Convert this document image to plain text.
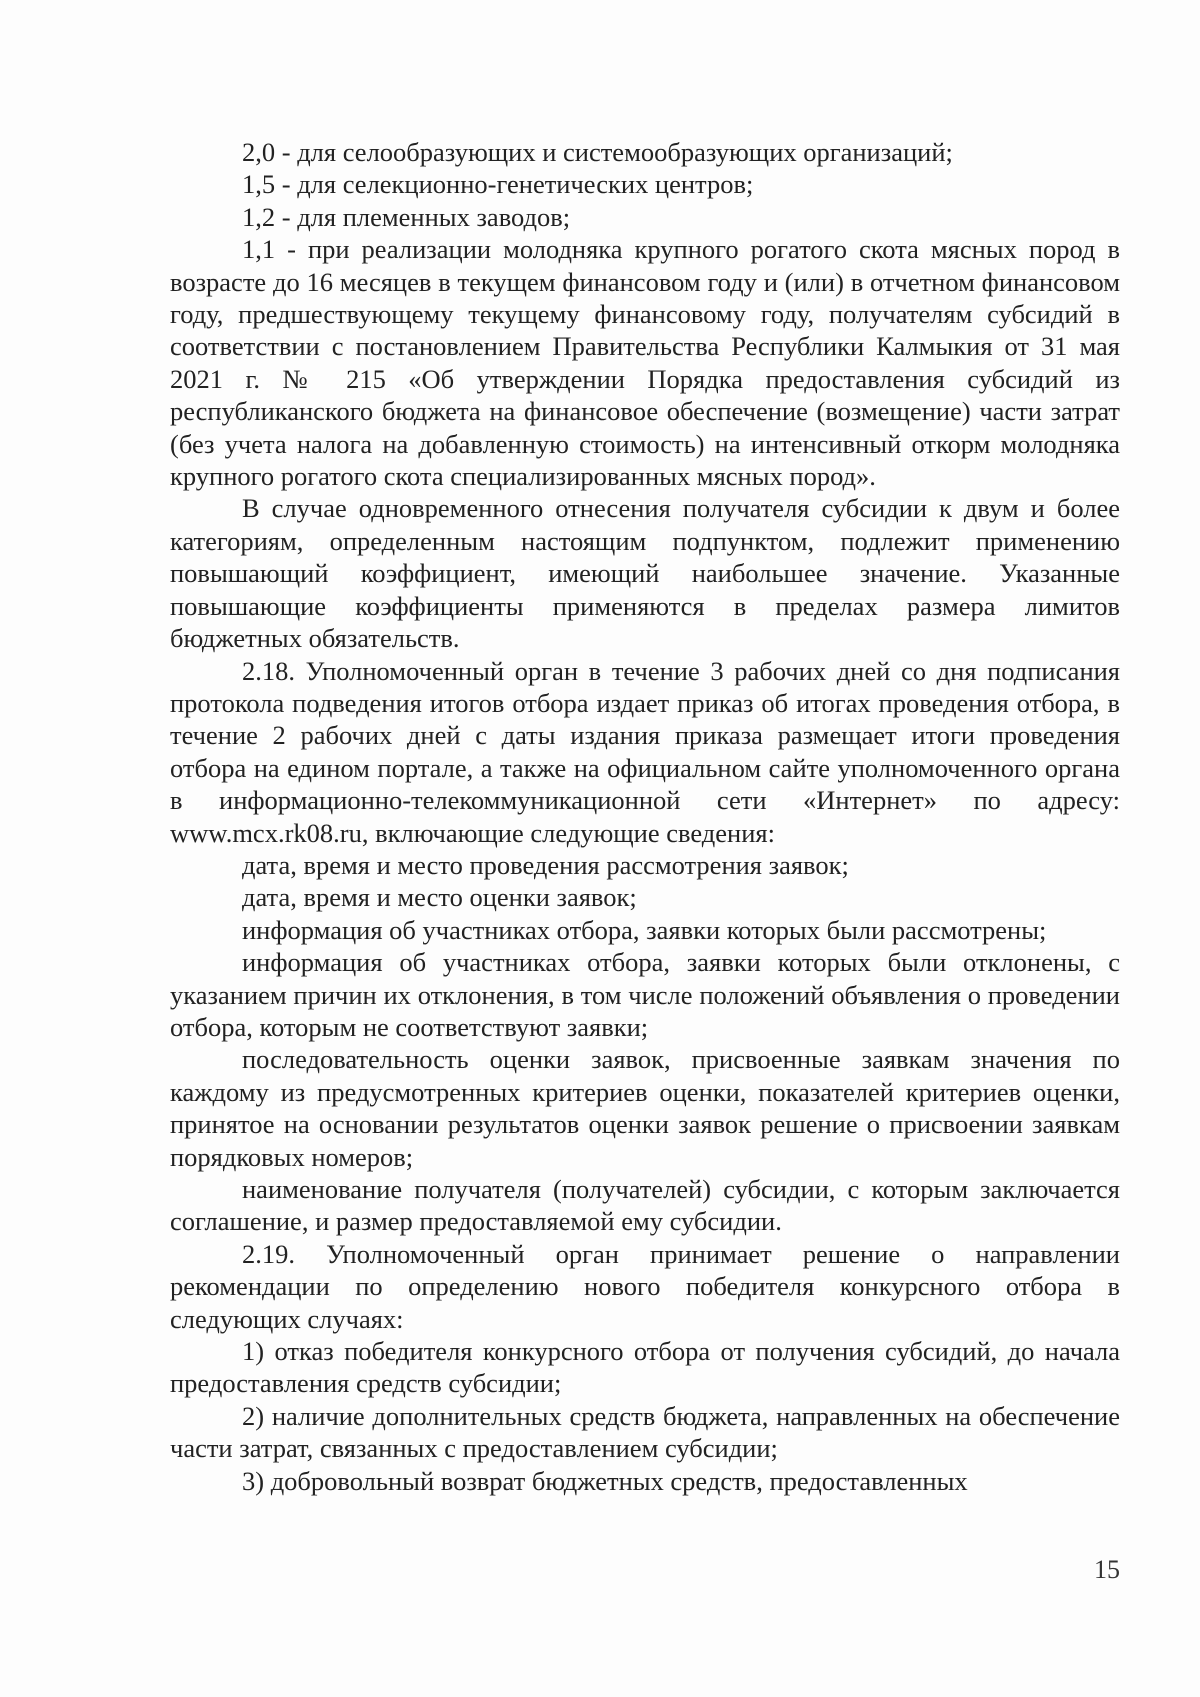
2,0 - для селообразующих и системообразующих организаций;

1,5 - для селекционно-генетических центров;

1,2 - для племенных заводов;

1,1 - при реализации молодняка крупного рогатого скота мясных пород в возрасте до 16 месяцев в текущем финансовом году и (или) в отчетном финансовом году, предшествующему текущему финансовому году, получателям субсидий в соответствии с постановлением Правительства Республики Калмыкия от 31 мая 2021 г. № 215 «Об утверждении Порядка предоставления субсидий из республиканского бюджета на финансовое обеспечение (возмещение) части затрат (без учета налога на добавленную стоимость) на интенсивный откорм молодняка крупного рогатого скота специализированных мясных пород».

В случае одновременного отнесения получателя субсидии к двум и более категориям, определенным настоящим подпунктом, подлежит применению повышающий коэффициент, имеющий наибольшее значение. Указанные повышающие коэффициенты применяются в пределах размера лимитов бюджетных обязательств.

2.18. Уполномоченный орган в течение 3 рабочих дней со дня подписания протокола подведения итогов отбора издает приказ об итогах проведения отбора, в течение 2 рабочих дней с даты издания приказа размещает итоги проведения отбора на едином портале, а также на официальном сайте уполномоченного органа в информационно-телекоммуникационной сети «Интернет» по адресу: www.mcx.rk08.ru, включающие следующие сведения:

дата, время и место проведения рассмотрения заявок;

дата, время и место оценки заявок;

информация об участниках отбора, заявки которых были рассмотрены;

информация об участниках отбора, заявки которых были отклонены, с указанием причин их отклонения, в том числе положений объявления о проведении отбора, которым не соответствуют заявки;

последовательность оценки заявок, присвоенные заявкам значения по каждому из предусмотренных критериев оценки, показателей критериев оценки, принятое на основании результатов оценки заявок решение о присвоении заявкам порядковых номеров;

наименование получателя (получателей) субсидии, с которым заключается соглашение, и размер предоставляемой ему субсидии.

2.19. Уполномоченный орган принимает решение о направлении рекомендации по определению нового победителя конкурсного отбора в следующих случаях:

1) отказ победителя конкурсного отбора от получения субсидий, до начала предоставления средств субсидии;

2) наличие дополнительных средств бюджета, направленных на обеспечение части затрат, связанных с предоставлением субсидии;

3) добровольный возврат бюджетных средств, предоставленных

15
